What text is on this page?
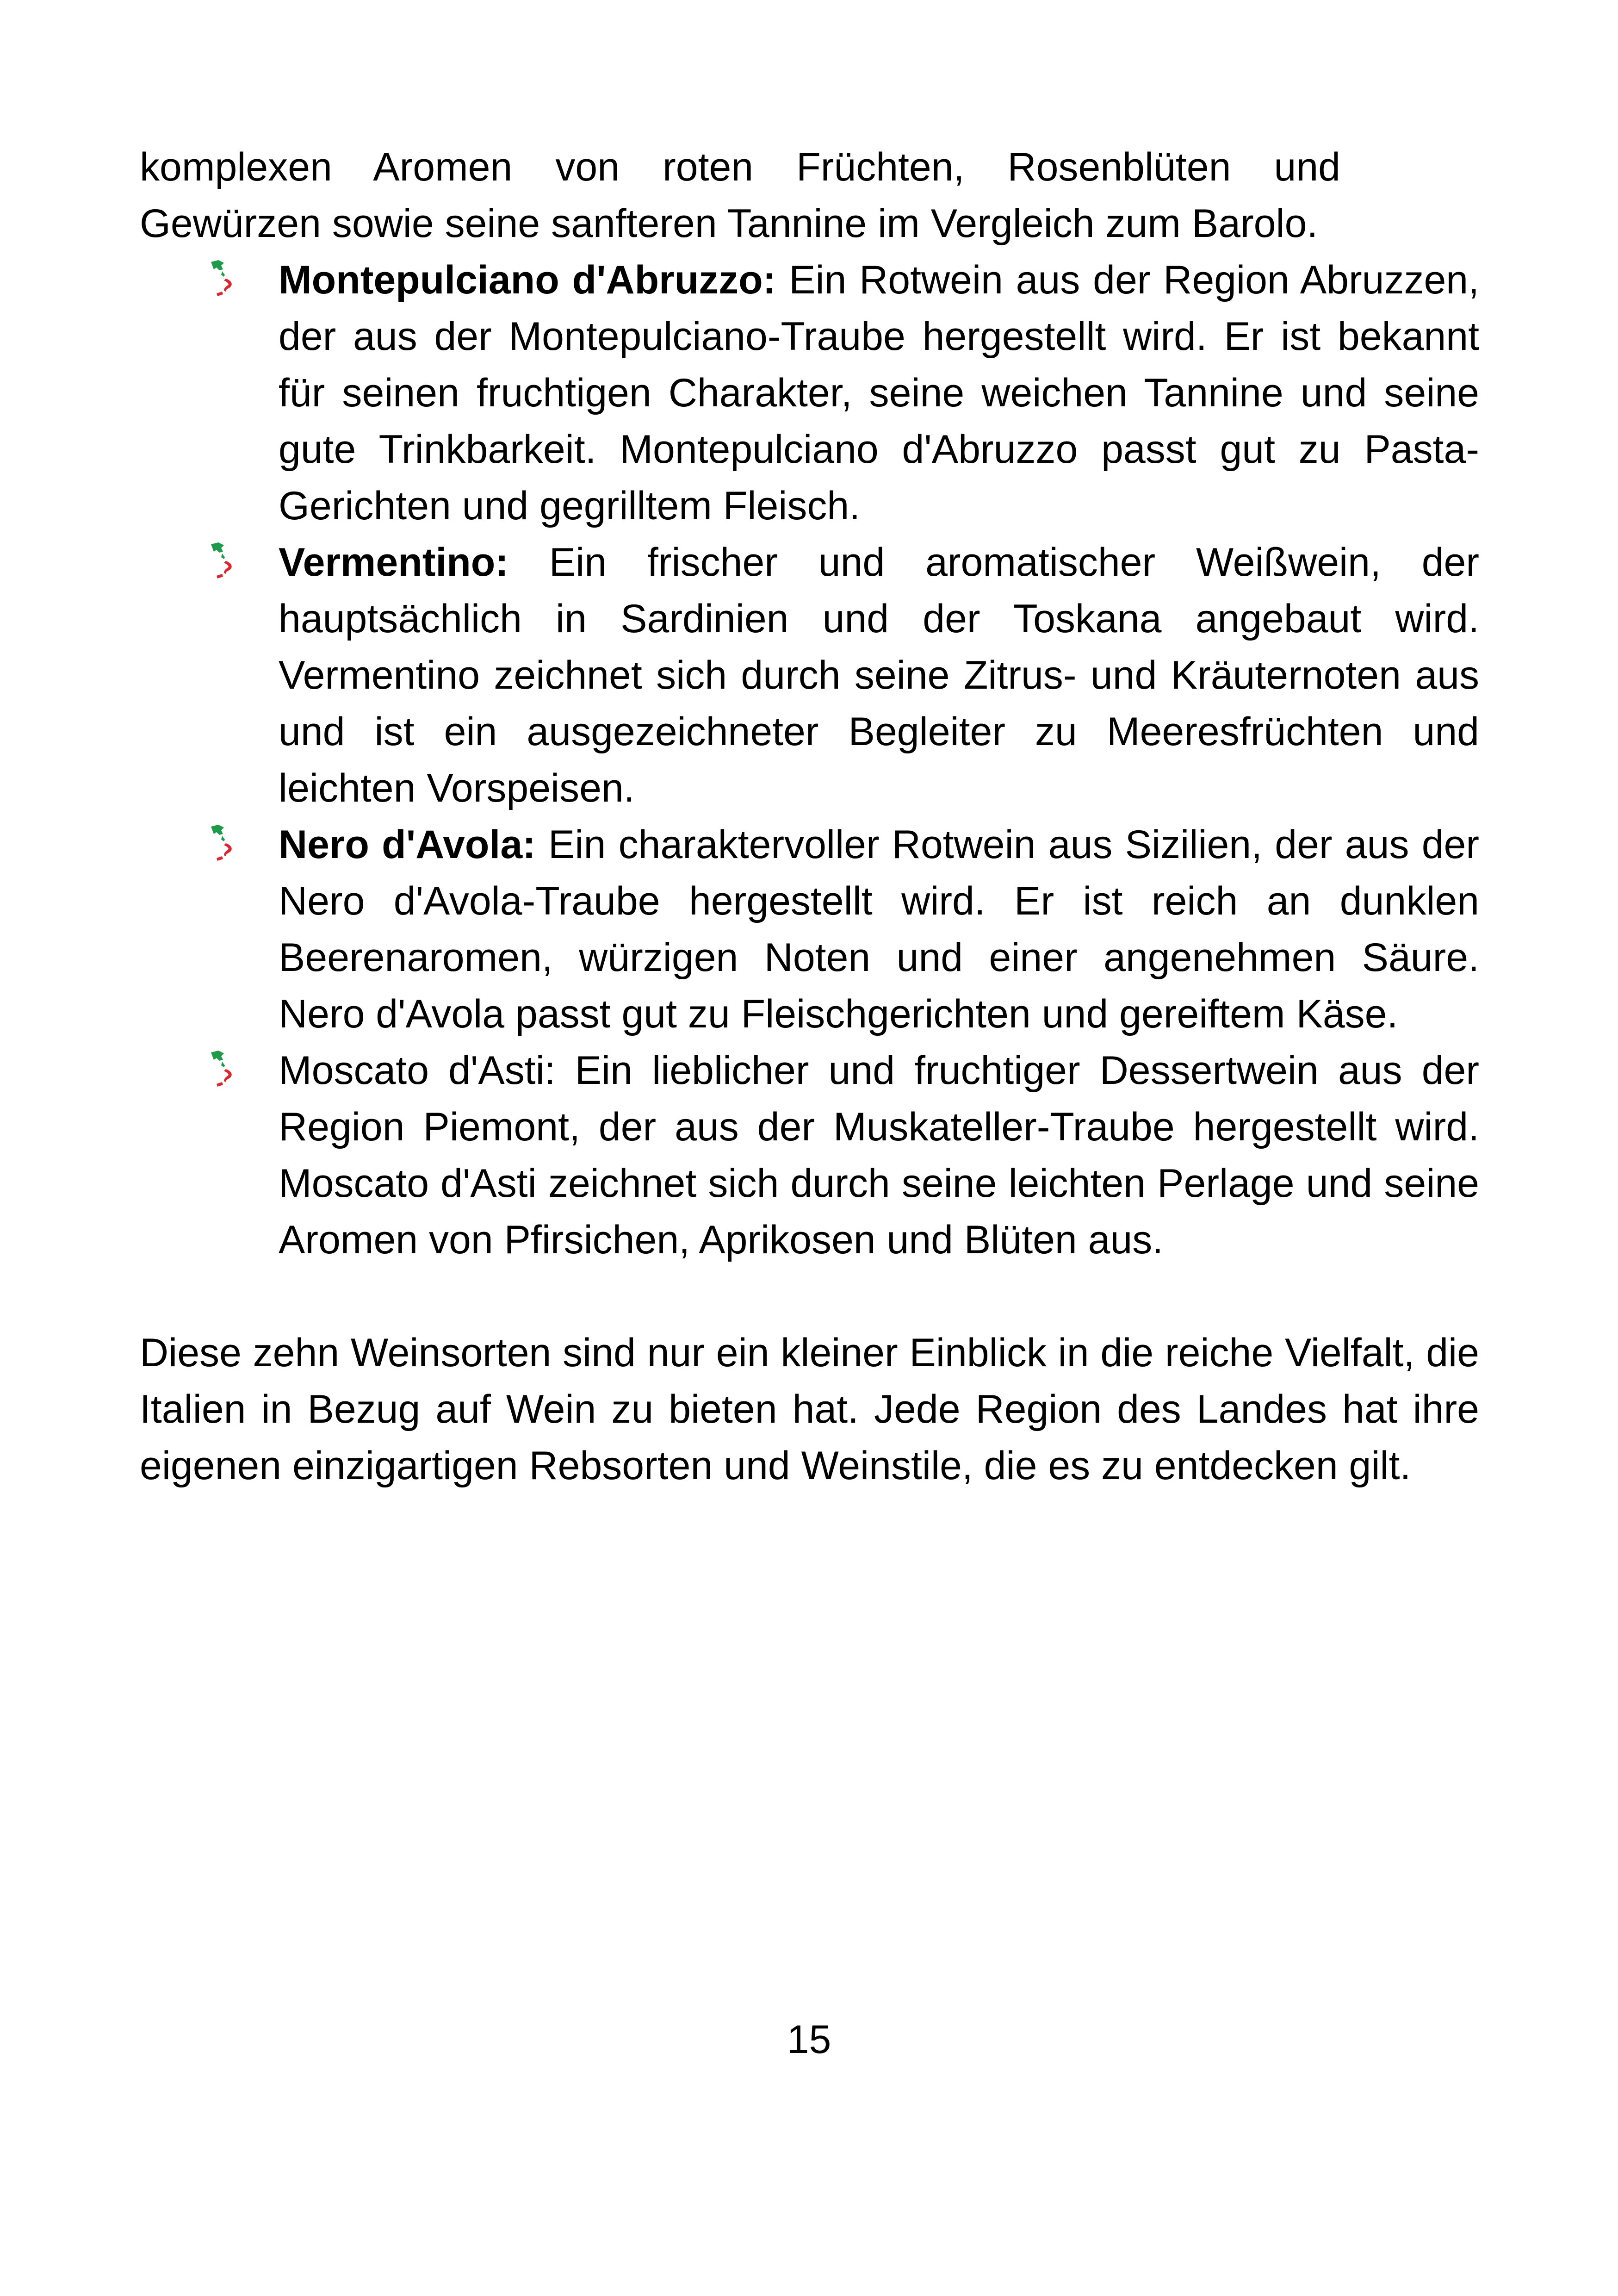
komplexen Aromen von roten Früchten, Rosenblüten und Gewürzen sowie seine sanfteren Tannine im Vergleich zum Barolo.

Montepulciano d'Abruzzo: Ein Rotwein aus der Region Abruzzen, der aus der Montepulciano-Traube hergestellt wird. Er ist bekannt für seinen fruchtigen Charakter, seine weichen Tannine und seine gute Trinkbarkeit. Montepulciano d'Abruzzo passt gut zu Pasta-Gerichten und gegrilltem Fleisch.
Vermentino: Ein frischer und aromatischer Weißwein, der hauptsächlich in Sardinien und der Toskana angebaut wird. Vermentino zeichnet sich durch seine Zitrus- und Kräuternoten aus und ist ein ausgezeichneter Begleiter zu Meeresfrüchten und leichten Vorspeisen.
Nero d'Avola: Ein charaktervoller Rotwein aus Sizilien, der aus der Nero d'Avola-Traube hergestellt wird. Er ist reich an dunklen Beerenaromen, würzigen Noten und einer angenehmen Säure. Nero d'Avola passt gut zu Fleischgerichten und gereiftem Käse.
Moscato d'Asti: Ein lieblicher und fruchtiger Dessertwein aus der Region Piemont, der aus der Muskateller-Traube hergestellt wird. Moscato d'Asti zeichnet sich durch seine leichten Perlage und seine Aromen von Pfirsichen, Aprikosen und Blüten aus.

Diese zehn Weinsorten sind nur ein kleiner Einblick in die reiche Vielfalt, die Italien in Bezug auf Wein zu bieten hat. Jede Region des Landes hat ihre eigenen einzigartigen Rebsorten und Weinstile, die es zu entdecken gilt.

15
